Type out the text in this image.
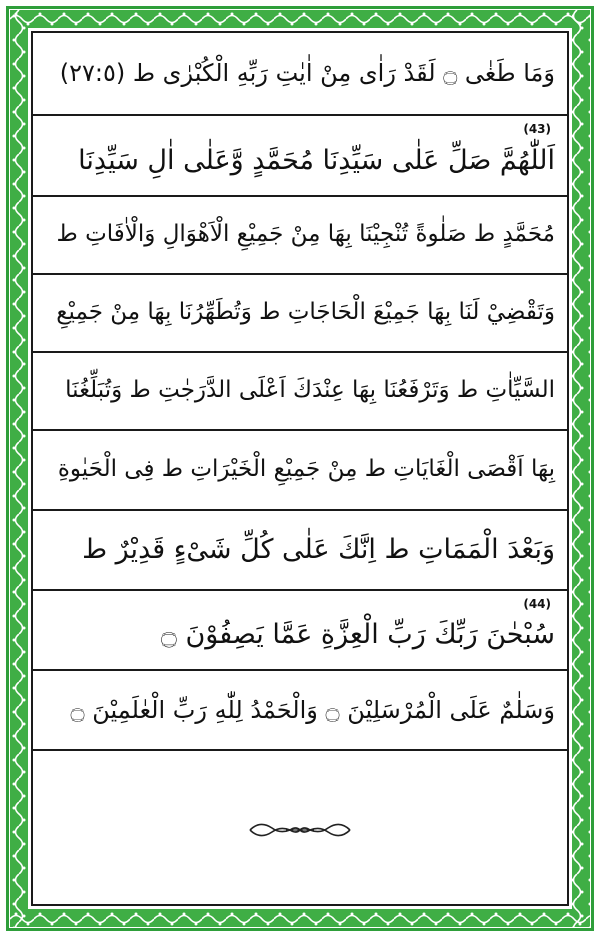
وَمَا طَغٰى ۝ لَقَدْ رَاٰى مِنْ اٰيٰتِ رَبِّهِ الْكُبْرٰى ط (٢٧:٥)
(43)
اَللّٰهُمَّ صَلِّ عَلٰى سَيِّدِنَا مُحَمَّدٍ وَّعَلٰى اٰلِ سَيِّدِنَا
مُحَمَّدٍ ط صَلٰوةً تُنْجِيْنَا بِهَا مِنْ جَمِيْعِ الْاَهْوَالِ وَالْاٰفَاتِ ط
وَتَقْضِيْ لَنَا بِهَا جَمِيْعَ الْحَاجَاتِ ط وَتُطَهِّرُنَا بِهَا مِنْ جَمِيْعِ
السَّيِّاٰتِ ط وَتَرْفَعُنَا بِهَا عِنْدَكَ اَعْلَى الدَّرَجٰتِ ط وَتُبَلِّغُنَا
بِهَا اَقْصَى الْغَايَاتِ ط مِنْ جَمِيْعِ الْخَيْرَاتِ ط فِى الْحَيٰوةِ
وَبَعْدَ الْمَمَاتِ ط اِنَّكَ عَلٰى كُلِّ شَىْءٍ قَدِيْرٌ ط
(44)
سُبْحٰنَ رَبِّكَ رَبِّ الْعِزَّةِ عَمَّا يَصِفُوْنَ ۝
وَسَلٰمٌ عَلَى الْمُرْسَلِيْنَ ۝ وَالْحَمْدُ لِلّٰهِ رَبِّ الْعٰلَمِيْنَ ۝
